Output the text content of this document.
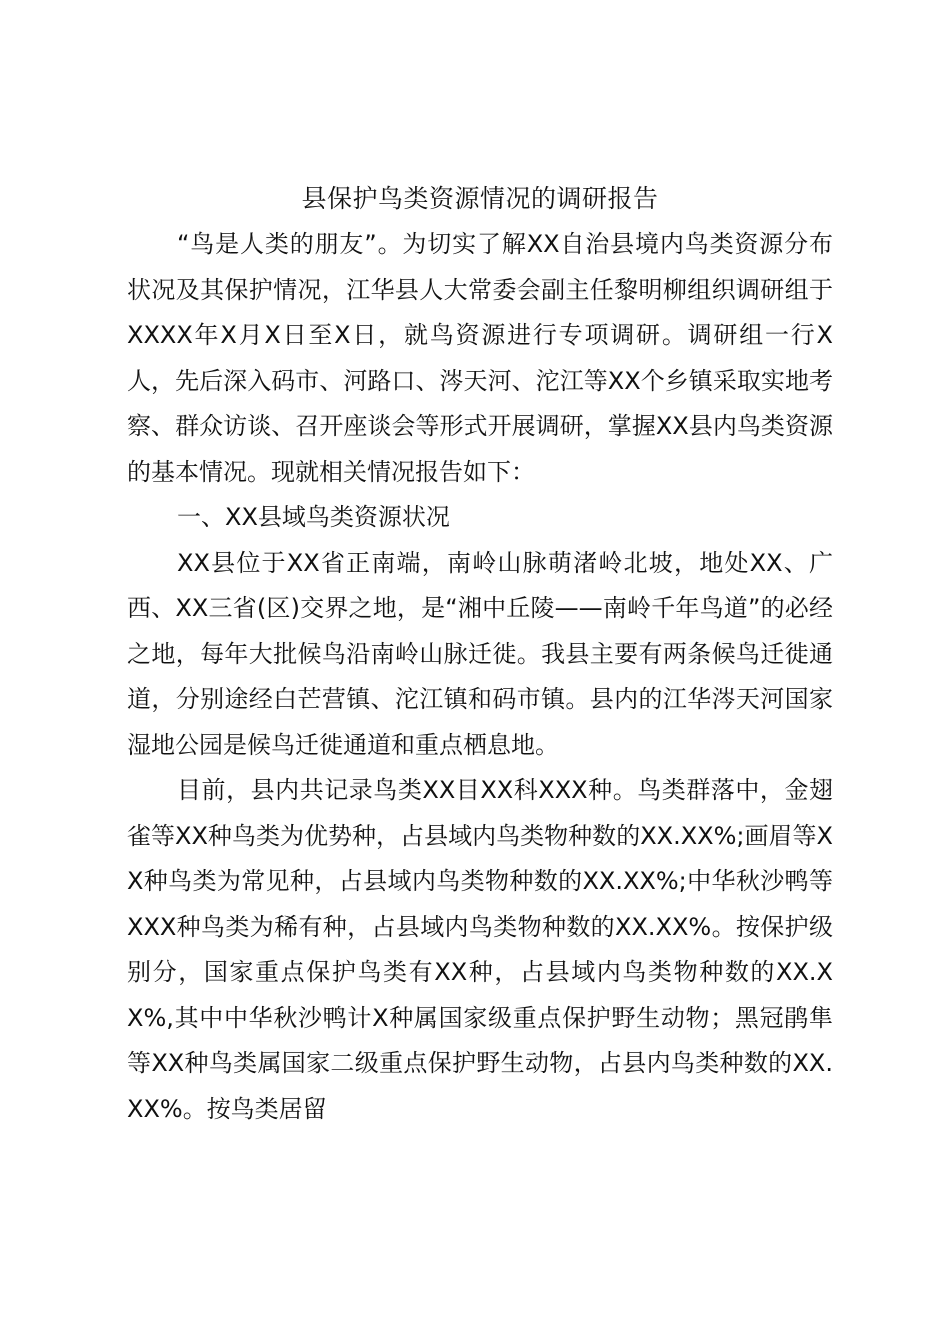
县保护鸟类资源情况的调研报告

“鸟是人类的朋友”。为切实了解XX自治县境内鸟类资源分布状况及其保护情况，江华县人大常委会副主任黎明柳组织调研组于XXXX年X月X日至X日，就鸟资源进行专项调研。调研组一行X人，先后深入码市、河路口、涔天河、沱江等XX个乡镇采取实地考察、群众访谈、召开座谈会等形式开展调研，掌握XX县内鸟类资源的基本情况。现就相关情况报告如下：

一、XX县域鸟类资源状况

XX县位于XX省正南端，南岭山脉萌渚岭北坡，地处XX、广西、XX三省(区)交界之地，是“湘中丘陵——南岭千年鸟道”的必经之地，每年大批候鸟沿南岭山脉迁徙。我县主要有两条候鸟迁徙通道，分别途经白芒营镇、沱江镇和码市镇。县内的江华涔天河国家湿地公园是候鸟迁徙通道和重点栖息地。

目前，县内共记录鸟类XX目XX科XXX种。鸟类群落中，金翅雀等XX种鸟类为优势种，占县域内鸟类物种数的XX.XX%;画眉等XX种鸟类为常见种，占县域内鸟类物种数的XX.XX%;中华秋沙鸭等XXX种鸟类为稀有种，占县域内鸟类物种数的XX.XX%。按保护级别分，国家重点保护鸟类有XX种，占县域内鸟类物种数的XX.XX%,其中中华秋沙鸭计X种属国家级重点保护野生动物；黑冠鹃隼等XX种鸟类属国家二级重点保护野生动物，占县内鸟类种数的XX.XX%。按鸟类居留
